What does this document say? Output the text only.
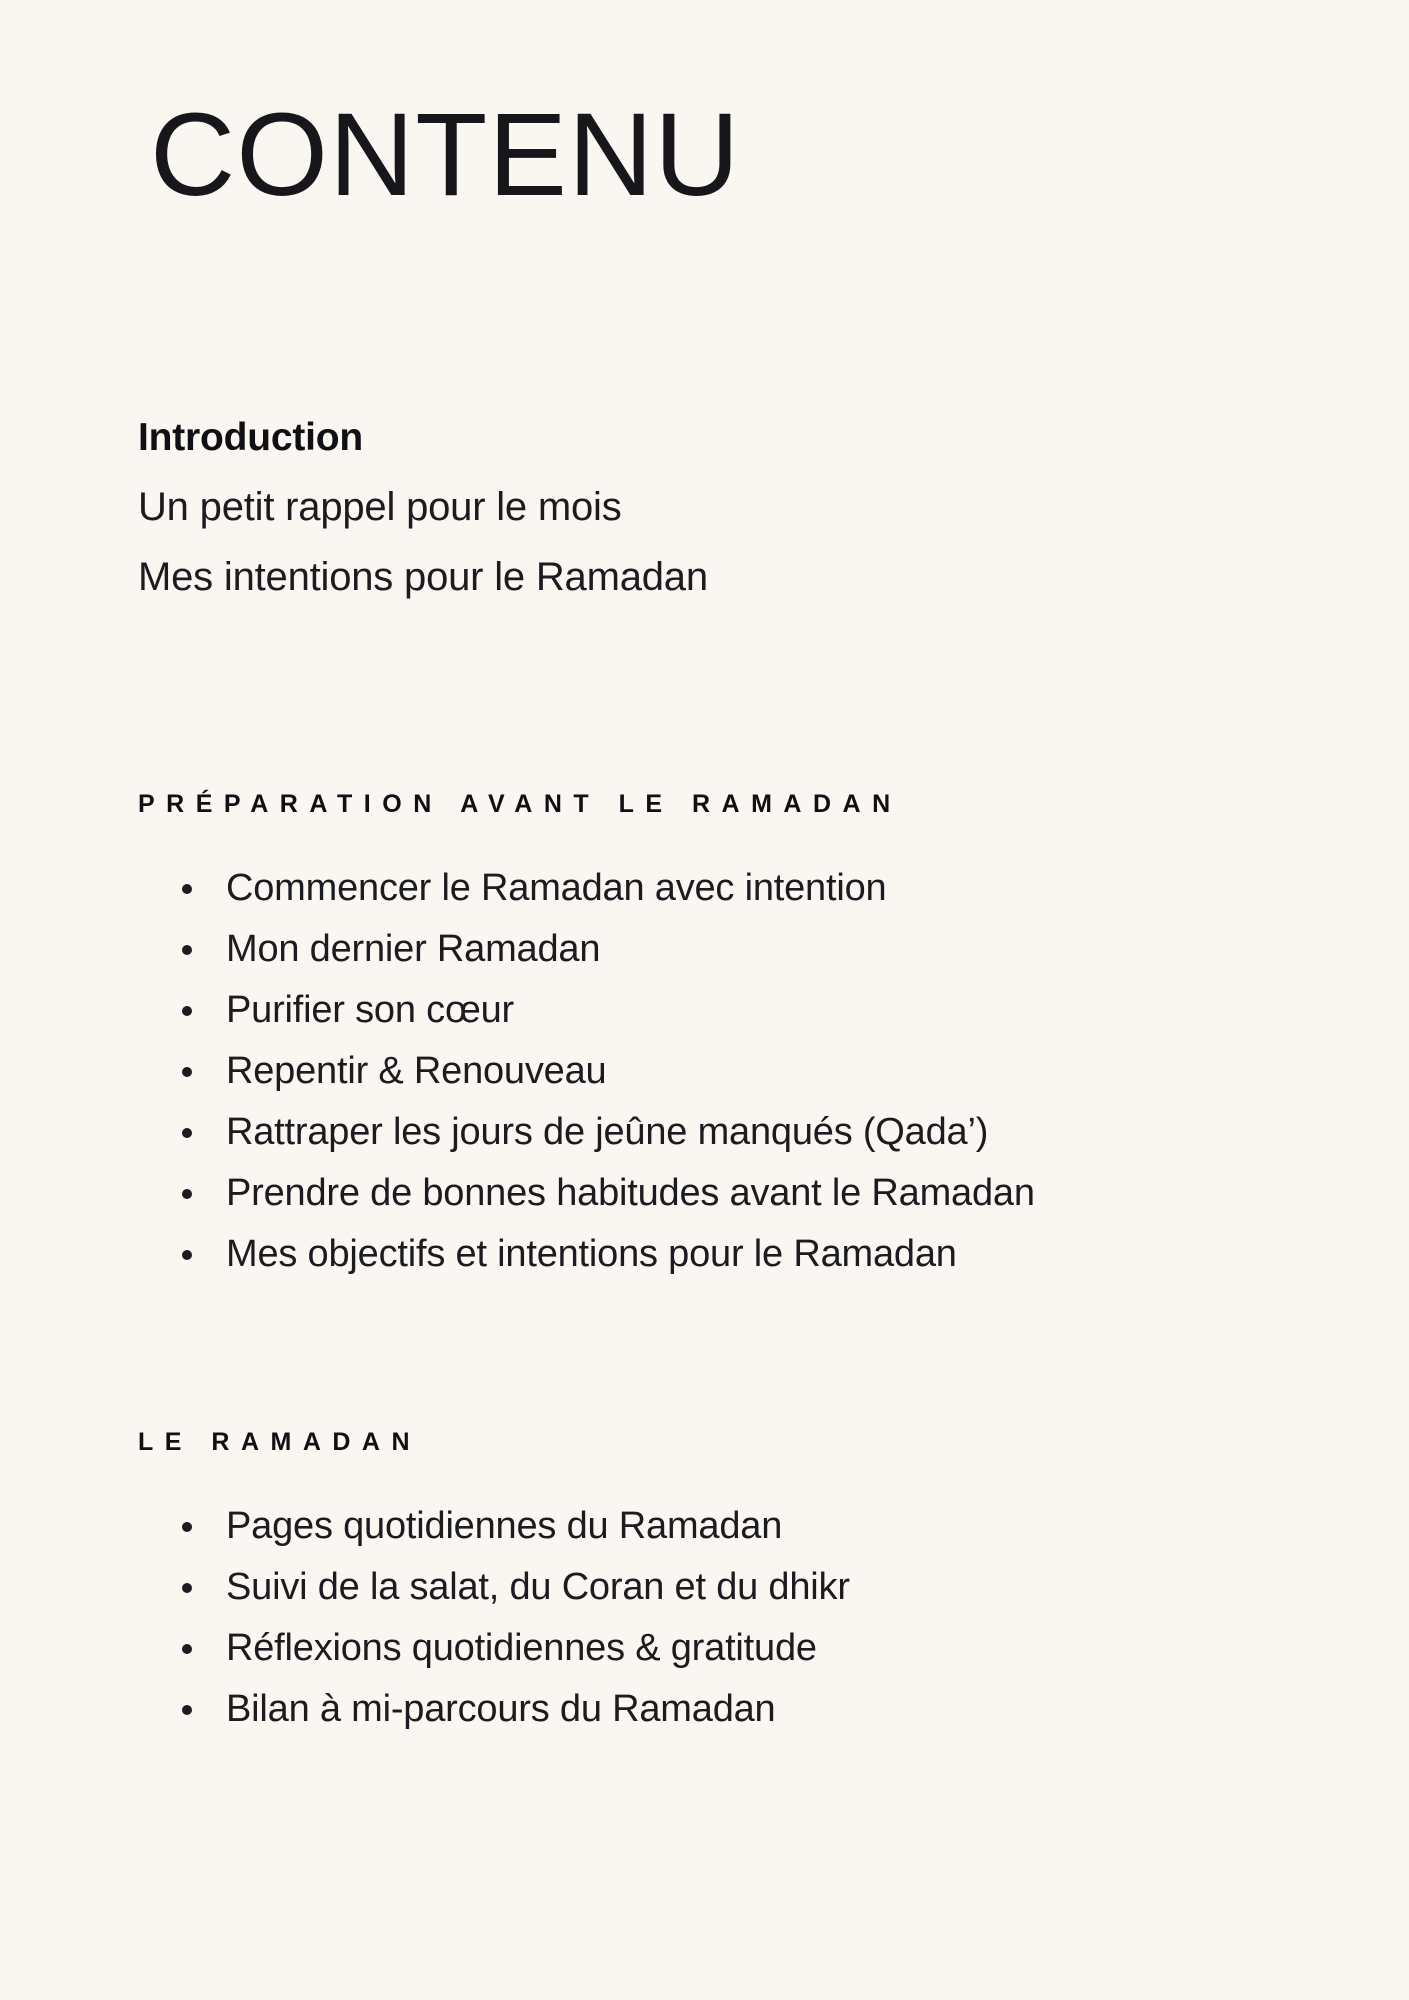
CONTENU
Introduction
Un petit rappel pour le mois
Mes intentions pour le Ramadan
PRÉPARATION AVANT LE RAMADAN
Commencer le Ramadan avec intention
Mon dernier Ramadan
Purifier son cœur
Repentir & Renouveau
Rattraper les jours de jeûne manqués (Qada’)
Prendre de bonnes habitudes avant le Ramadan
Mes objectifs et intentions pour le Ramadan
LE RAMADAN
Pages quotidiennes du Ramadan
Suivi de la salat, du Coran et du dhikr
Réflexions quotidiennes & gratitude
Bilan à mi-parcours du Ramadan
